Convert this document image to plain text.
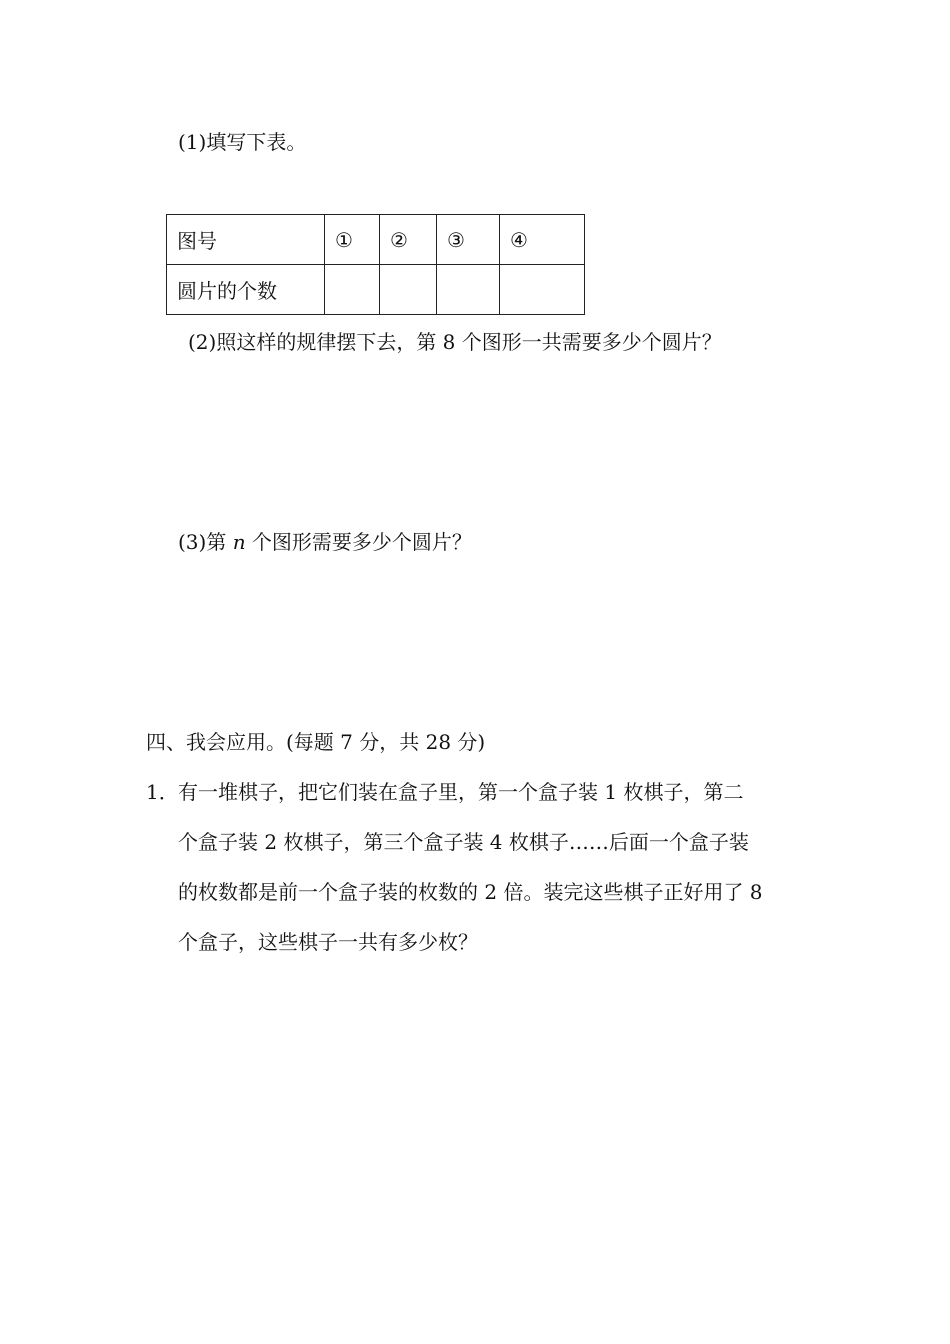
(1)填写下表。
图号	①	②	③	④
圆片的个数				
(2)照这样的规律摆下去，第 8 个图形一共需要多少个圆片？
(3)第 n 个图形需要多少个圆片？
四、我会应用。(每题 7 分，共 28 分)
1． 有一堆棋子，把它们装在盒子里，第一个盒子装 1 枚棋子，第二
个盒子装 2 枚棋子，第三个盒子装 4 枚棋子……后面一个盒子装
的枚数都是前一个盒子装的枚数的 2 倍。装完这些棋子正好用了 8
个盒子，这些棋子一共有多少枚？
